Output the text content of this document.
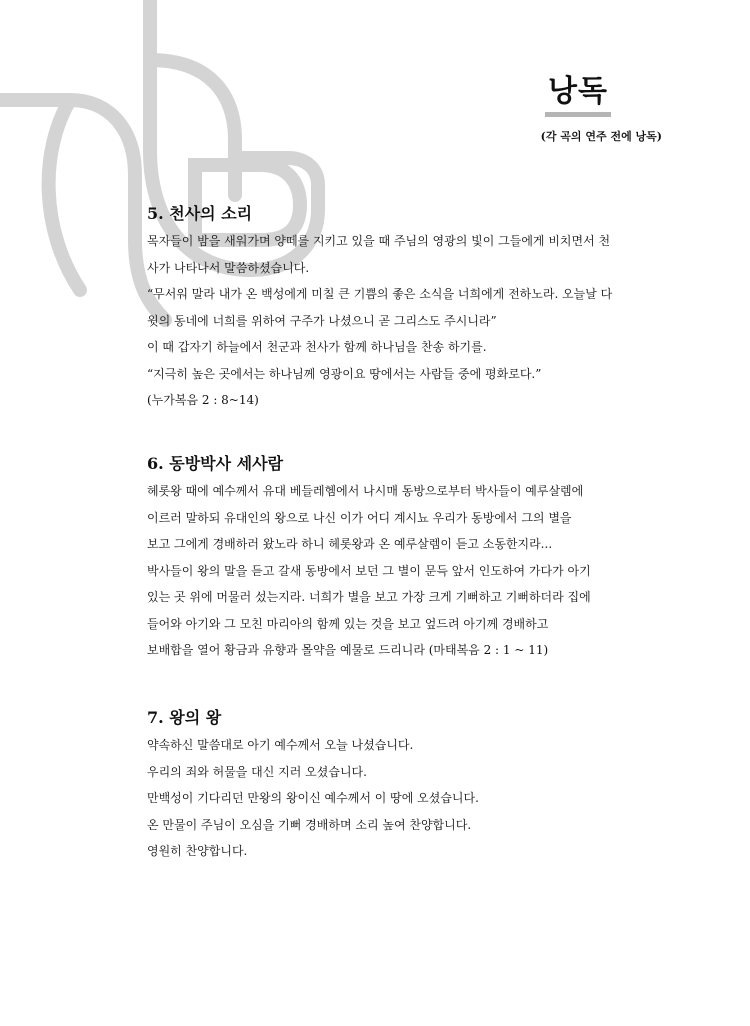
낭독
(각 곡의 연주 전에 낭독)
5. 천사의 소리
목자들이 밤을 새워가며 양떼를 지키고 있을 때 주님의 영광의 빛이 그들에게 비치면서 천
사가 나타나서 말씀하셨습니다.
“무서워 말라 내가 온 백성에게 미칠 큰 기쁨의 좋은 소식을 너희에게 전하노라. 오늘날 다
윗의 동네에 너희를 위하여 구주가 나셨으니 곧 그리스도 주시니라”
이 때 갑자기 하늘에서 천군과 천사가 함께 하나님을 찬송 하기를.
“지극히 높은 곳에서는 하나님께 영광이요 땅에서는 사람들 중에 평화로다.”
(누가복음 2 : 8~14)
6. 동방박사 세사람
헤롯왕 때에 예수께서 유대 베들레헴에서 나시매 동방으로부터 박사들이 예루살렘에
이르러 말하되 유대인의 왕으로 나신 이가 어디 계시뇨 우리가 동방에서 그의 별을
보고 그에게 경배하러 왔노라 하니 헤롯왕과 온 예루살렘이 듣고 소동한지라...
박사들이 왕의 말을 듣고 갈새 동방에서 보던 그 별이 문득 앞서 인도하여 가다가 아기
있는 곳 위에 머물러 섰는지라. 너희가 별을 보고 가장 크게 기뻐하고 기뻐하더라 집에
들어와 아기와 그 모친 마리아의 함께 있는 것을 보고 엎드려 아기께 경배하고
보배합을 열어 황금과 유향과 몰약을 예물로 드리니라 (마태복음 2 : 1 ~ 11)
7. 왕의 왕
약속하신 말씀대로 아기 예수께서 오늘 나셨습니다.
우리의 죄와 허물을 대신 지러 오셨습니다.
만백성이 기다리던 만왕의 왕이신 예수께서 이 땅에 오셨습니다.
온 만물이 주님이 오심을 기뻐 경배하며 소리 높여 찬양합니다.
영원히 찬양합니다.
